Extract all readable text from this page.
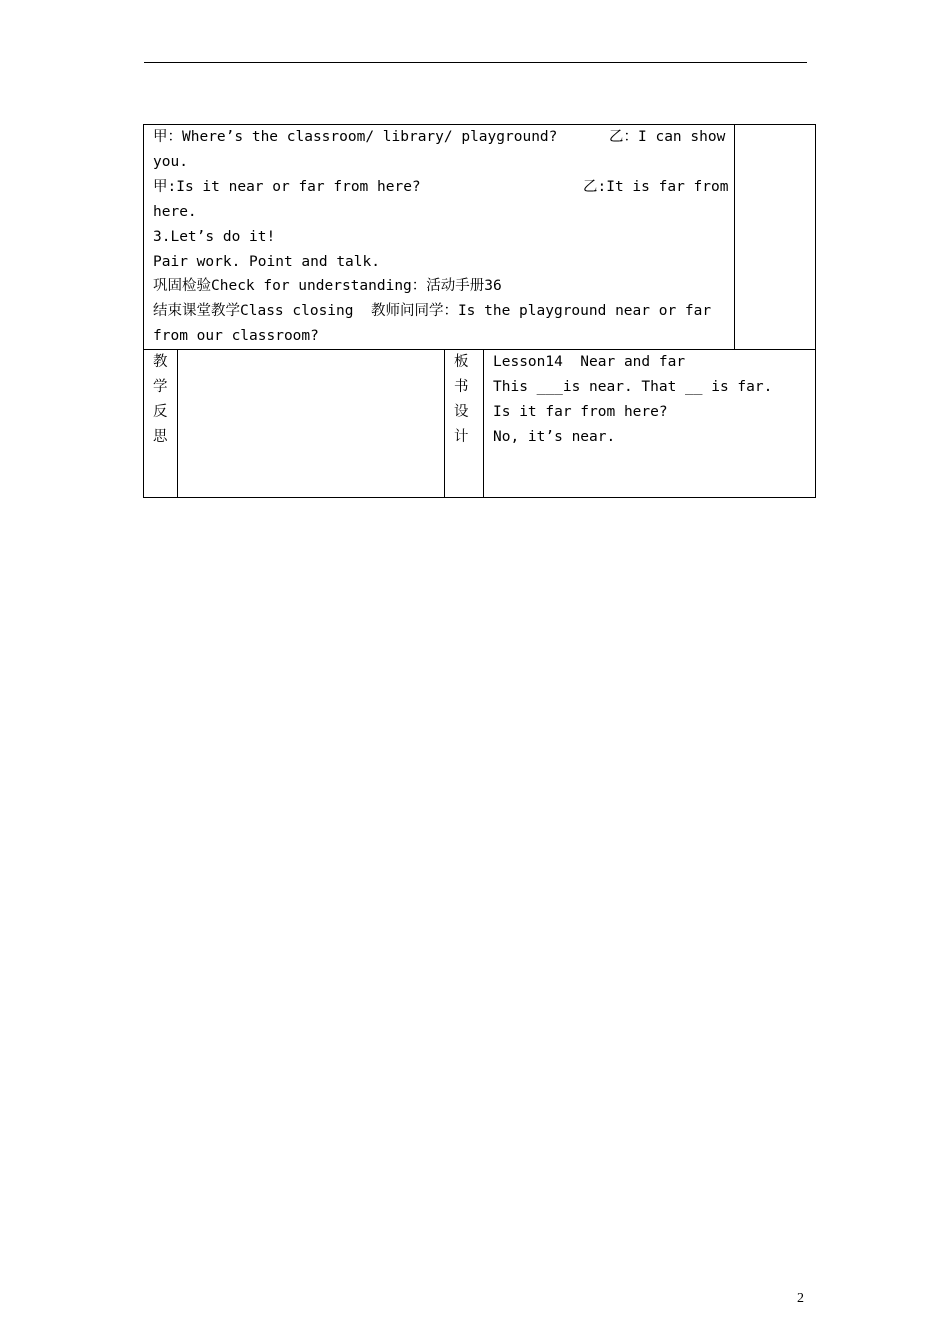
甲：Where’s the classroom/ library/ playground?	乙：I can show
you.
甲:Is it near or far from here?	乙:It is far from
here.
3.Let’s do it!
Pair work. Point and talk.
巩固检验Check for understanding：活动手册36
结束课堂教学Class closing  教师问同学：Is the playground near or far
from our classroom?
教
学
反
思
板
书
设
计
Lesson14  Near and far
This ___is near. That __ is far.
Is it far from here?
No, it’s near.
2
